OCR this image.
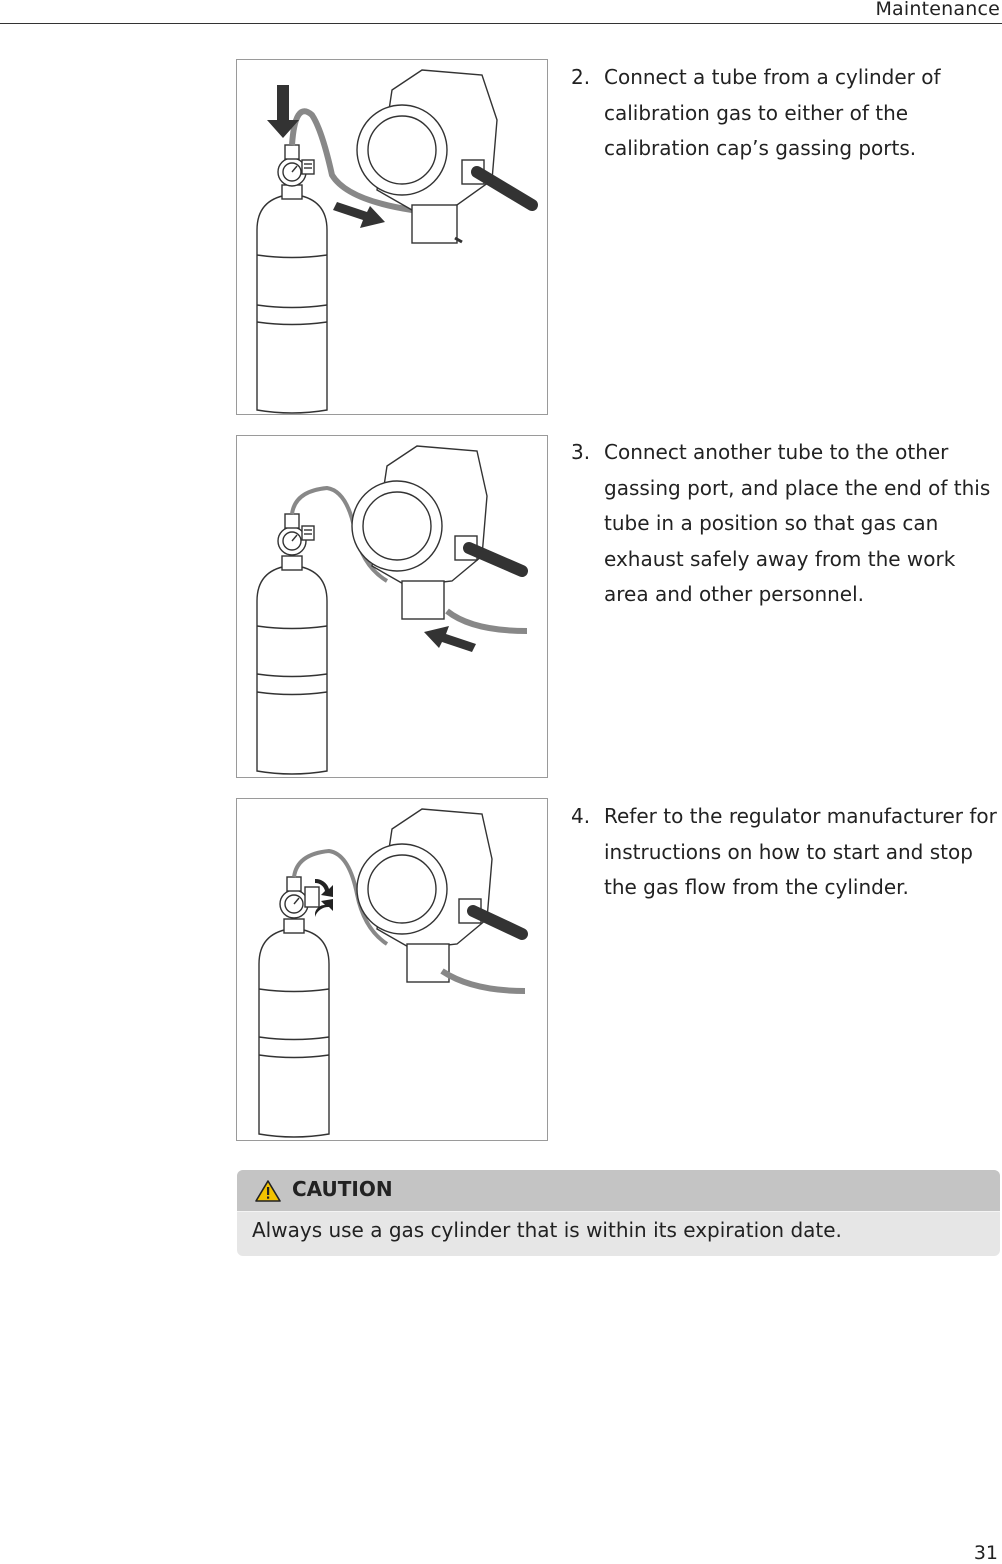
Maintenance
2. Connect a tube from a cylinder of calibration gas to either of the calibration cap’s gassing ports.
3. Connect another tube to the other gassing port, and place the end of this tube in a position so that gas can exhaust safely away from the work area and other personnel.
4. Refer to the regulator manufacturer for instructions on how to start and stop the gas flow from the cylinder.
CAUTION
Always use a gas cylinder that is within its expiration date.
31
